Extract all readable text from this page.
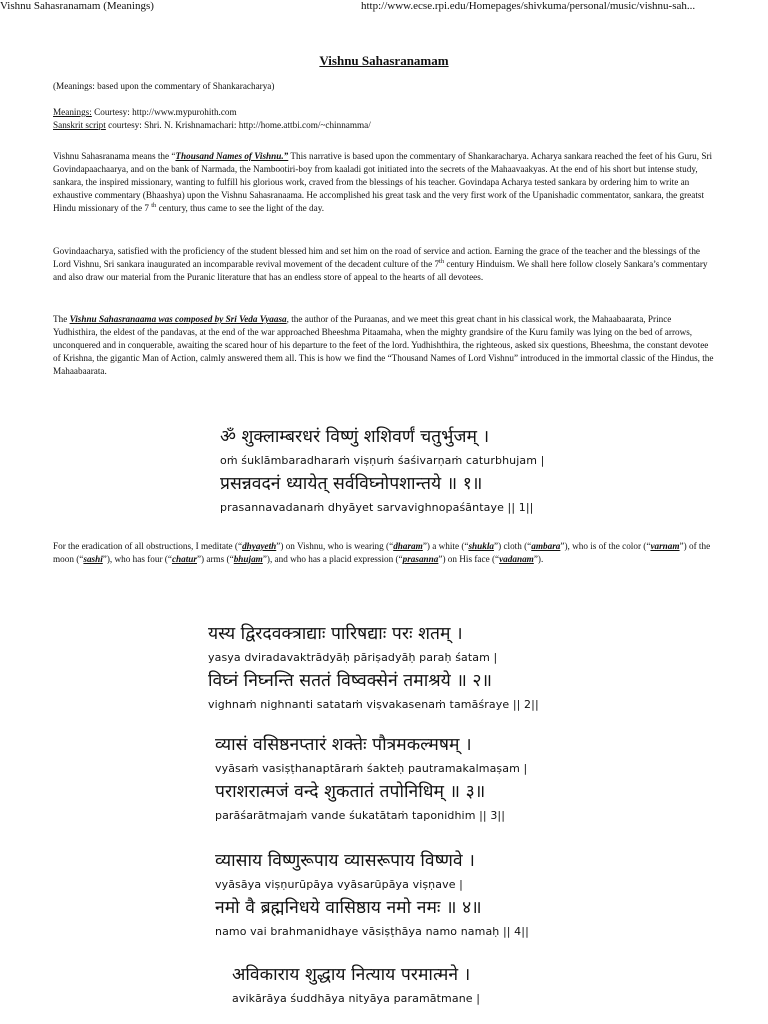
Vishnu Sahasranamam (Meanings)	http://www.ecse.rpi.edu/Homepages/shivkuma/personal/music/vishnu-sah...
Vishnu Sahasranamam

(Meanings: based upon the commentary of Shankaracharya)

Meanings: Courtesy: http://www.mypurohith.com

Sanskrit script courtesy: Shri. N. Krishnamachari: http://home.attbi.com/~chinnamma/

Vishnu Sahasranama means the “Thousand Names of Vishnu.” This narrative is based upon the commentary of Shankaracharya. Acharya sankara reached the feet of his Guru, Sri Govindapaachaarya, and on the bank of Narmada, the Nambootiri-boy from kaaladi got initiated into the secrets of the Mahaavaakyas. At the end of his short but intense study, sankara, the inspired missionary, wanting to fulfill his glorious work, craved from the blessings of his teacher. Govindapa Acharya tested sankara by ordering him to write an exhaustive commentary (Bhaashya) upon the Vishnu Sahasranaama. He accomplished his great task and the very first work of the Upanishadic commentator, sankara, the greatst Hindu missionary of the 7 $^{th}$ century, thus came to see the light of the day.

Govindaacharya, satisfied with the proficiency of the student blessed him and set him on the road of service and action. Earning the grace of the teacher and the blessings of the Lord Vishnu, Sri sankara inaugurated an incomparable revival movement of the decadent culture of the 7th century Hinduism. We shall here follow closely Sankara’s commentary and also draw our material from the Puranic literature that has an endless store of appeal to the hearts of all devotees.

The Vishnu Sahasranaama was composed by Sri Veda Vyaasa, the author of the Puraanas, and we meet this great chant in his classical work, the Mahaabaarata, Prince Yudhisthira, the eldest of the pandavas, at the end of the war approached Bheeshma Pitaamaha, when the mighty grandsire of the Kuru family was lying on the bed of arrows, unconquered and in conquerable, awaiting the scared hour of his departure to the feet of the lord. Yudhishthira, the righteous, asked six questions, Bheeshma, the constant devotee of Krishna, the gigantic Man of Action, calmly answered them all. This is how we find the “Thousand Names of Lord Vishnu” introduced in the immortal classic of the Hindus, the Mahaabaarata.

ॐ शुक्लाम्बरधरं विष्णुं शशिवर्णं चतुर्भुजम् ।
oṁ śuklāmbaradharaṁ viṣṇuṁ śaśivarṇaṁ caturbhujam |
प्रसन्नवदनं ध्यायेत् सर्वविघ्नोपशान्तये ॥ १॥
prasannavadanaṁ dhyāyet sarvavighnopaśāntaye || 1||

For the eradication of all obstructions, I meditate (“dhyayeth”) on Vishnu, who is wearing (“dharam”) a white (“shukla”) cloth (“ambara”), who is of the color (“varnam”) of the moon (“sashi”), who has four (“chatur”) arms (“bhujam”), and who has a placid expression (“prasanna”) on His face (“vadanam”).

यस्य द्विरदवक्त्राद्याः पारिषद्याः परः शतम् ।
yasya dviradavaktrādyāḥ pāriṣadyāḥ paraḥ śatam |
विघ्नं निघ्नन्ति सततं विष्वक्सेनं तमाश्रये ॥ २॥
vighnaṁ nighnanti satataṁ viṣvakasenaṁ tamāśraye || 2||
व्यासं वसिष्ठनप्तारं शक्तेः पौत्रमकल्मषम् ।
vyāsaṁ vasiṣṭhanaptāraṁ śakteḥ pautramakalmaṣam |
पराशरात्मजं वन्दे शुकतातं तपोनिधिम् ॥ ३॥
parāśarātmajaṁ vande śukatātaṁ taponidhim || 3||
व्यासाय विष्णुरूपाय व्यासरूपाय विष्णवे ।
vyāsāya viṣṇurūpāya vyāsarūpāya viṣṇave |
नमो वै ब्रह्मनिधये वासिष्ठाय नमो नमः ॥ ४॥
namo vai brahmanidhaye vāsiṣṭhāya namo namaḥ || 4||
अविकाराय शुद्धाय नित्याय परमात्मने ।
avikārāya śuddhāya nityāya paramātmane |
